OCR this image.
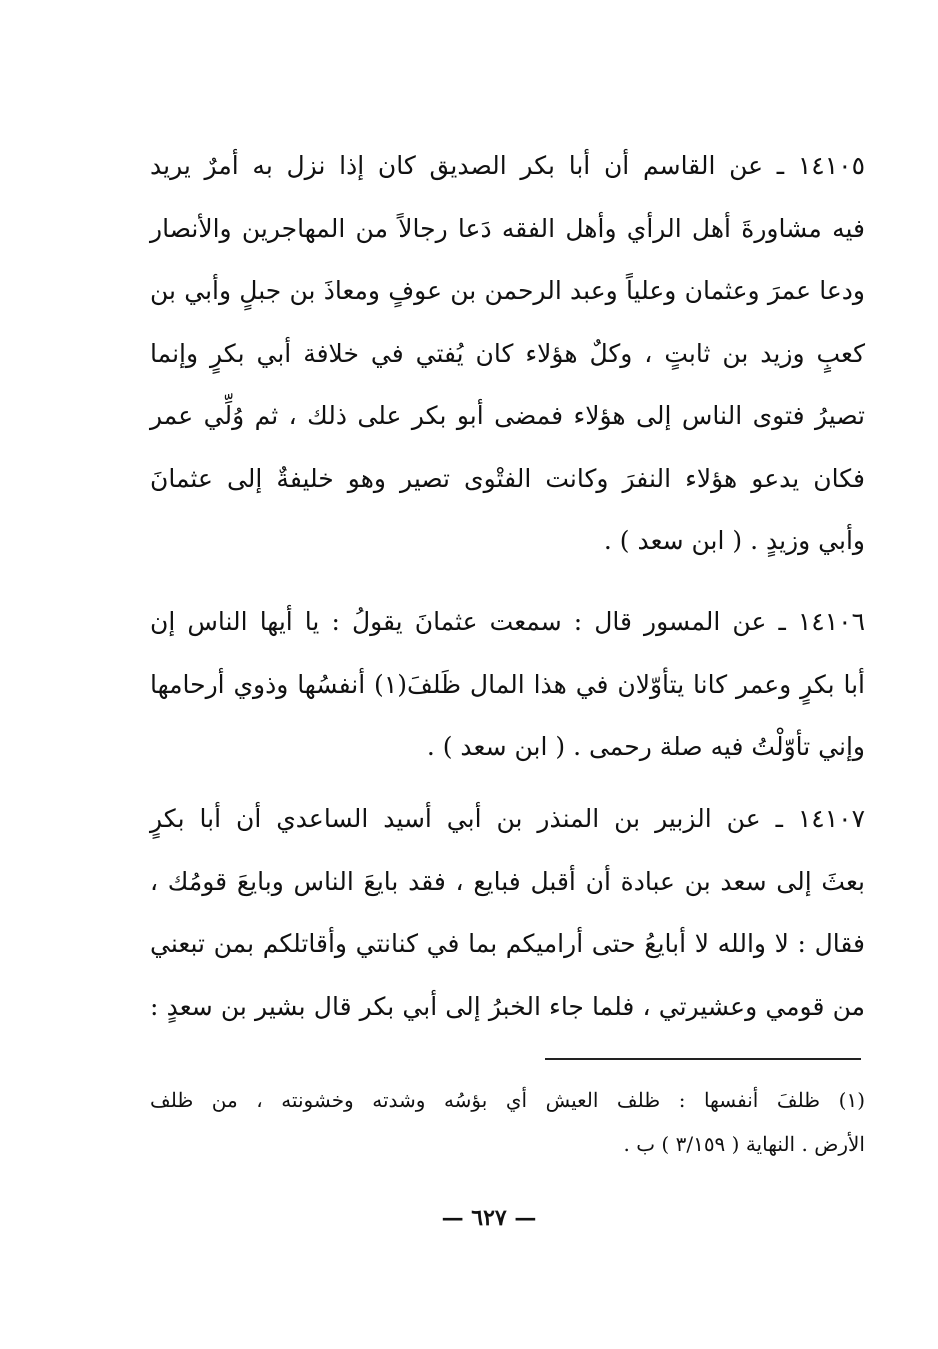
١٤١٠٥ ـ عن القاسم أن أبا بكر الصديق كان إذا نزل به أمرٌ يريد
فيه مشاورةَ أهل الرأي وأهل الفقه دَعا رجالاً من المهاجرين والأنصار
ودعا عمرَ وعثمان وعلياً وعبد الرحمن بن عوفٍ ومعاذَ بن جبلٍ وأبي بن
كعبٍ وزيد بن ثابتٍ ، وكلٌ هؤلاء كان يُفتي في خلافة أبي بكرٍ وإنما
تصيرُ فتوى الناس إلى هؤلاء فمضى أبو بكر على ذلك ، ثم وُلِّي عمر
فكان يدعو هؤلاء النفرَ وكانت الفتْوى تصير وهو خليفةٌ إلى عثمانَ
وأبي وزيدٍ . ( ابن سعد ) .
١٤١٠٦ ـ عن المسور قال : سمعت عثمانَ يقولُ : يا أيها الناس إن
أبا بكرٍ وعمر كانا يتأوّلان في هذا المال ظَلفَ(١) أنفسُها وذوي أرحامها
وإني تأوّلْتُ فيه صلة رحمى . ( ابن سعد ) .
١٤١٠٧ ـ عن الزبير بن المنذر بن أبي أسيد الساعدي أن أبا بكرٍ
بعثَ إلى سعد بن عبادة أن أقبل فبايع ، فقد بايعَ الناس وبايعَ قومُك ،
فقال : لا والله لا أبايعُ حتى أراميكم بما في كنانتي وأقاتلكم بمن تبعني
من قومي وعشيرتي ، فلما جاء الخبرُ إلى أبي بكر قال بشير بن سعدٍ :
(١) ظلفَ أنفسها : ظلف العيش أي بؤسُه وشدته وخشونته ، من ظلف
الأرض . النهاية ( ٣/١٥٩ ) ب .
— ٦٢٧ —
